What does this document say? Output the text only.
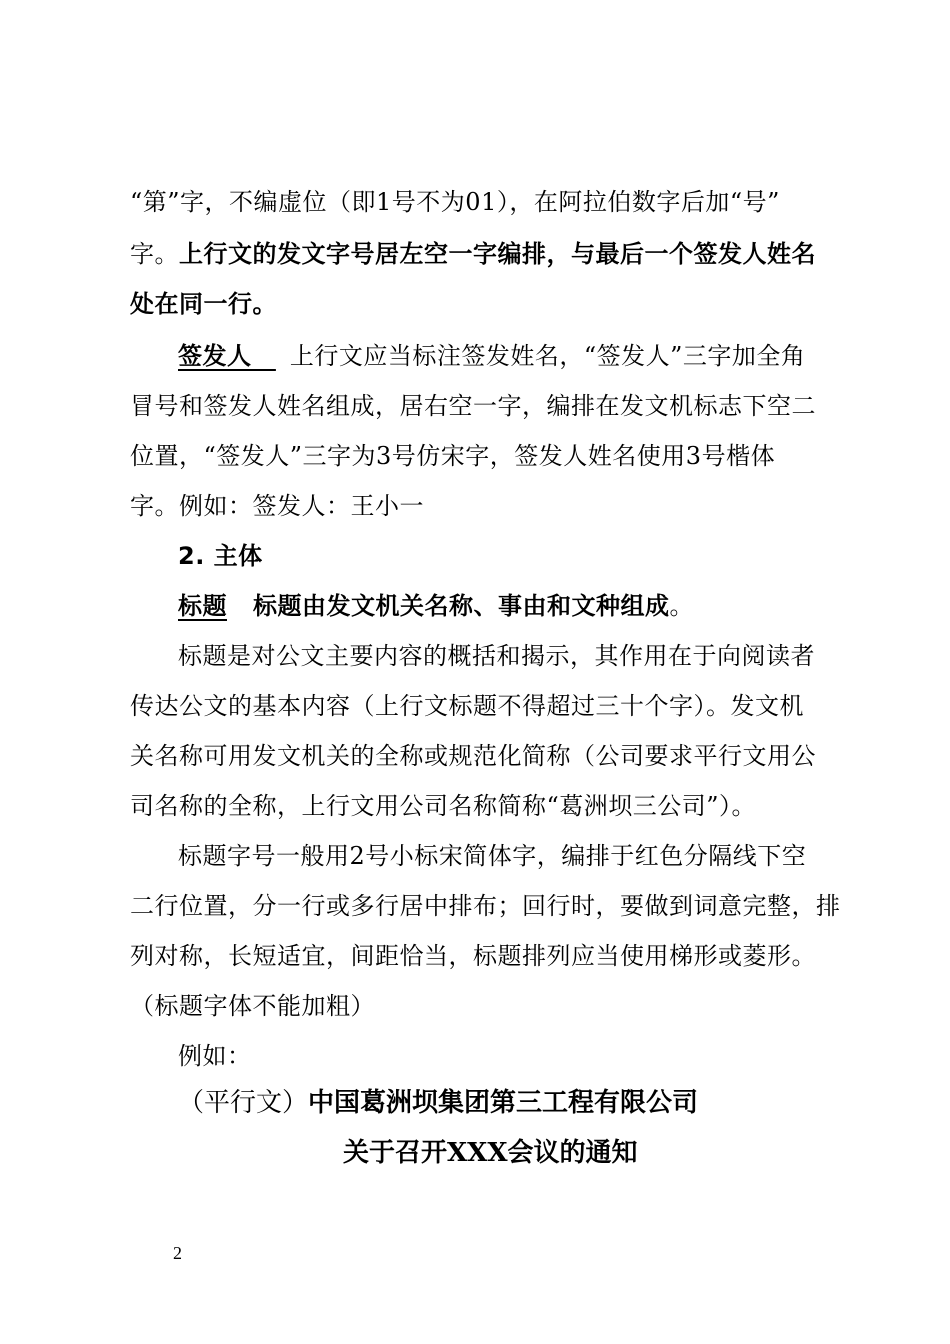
“第”字，不编虚位（即1号不为01），在阿拉伯数字后加“号”
字。上行文的发文字号居左空一字编排，与最后一个签发人姓名
处在同一行。
签发人 上行文应当标注签发姓名，“签发人”三字加全角
冒号和签发人姓名组成，居右空一字，编排在发文机标志下空二
位置，“签发人”三字为3号仿宋字，签发人姓名使用3号楷体
字。例如：签发人：王小一
2. 主体
标题 标题由发文机关名称、事由和文种组成。
标题是对公文主要内容的概括和揭示，其作用在于向阅读者
传达公文的基本内容（上行文标题不得超过三十个字）。发文机
关名称可用发文机关的全称或规范化简称（公司要求平行文用公
司名称的全称，上行文用公司名称简称“葛洲坝三公司”）。
标题字号一般用2号小标宋简体字，编排于红色分隔线下空
二行位置，分一行或多行居中排布；回行时，要做到词意完整，排
列对称，长短适宜，间距恰当，标题排列应当使用梯形或菱形。
（标题字体不能加粗）
例如：
（平行文）中国葛洲坝集团第三工程有限公司
关于召开XXX会议的通知
2
